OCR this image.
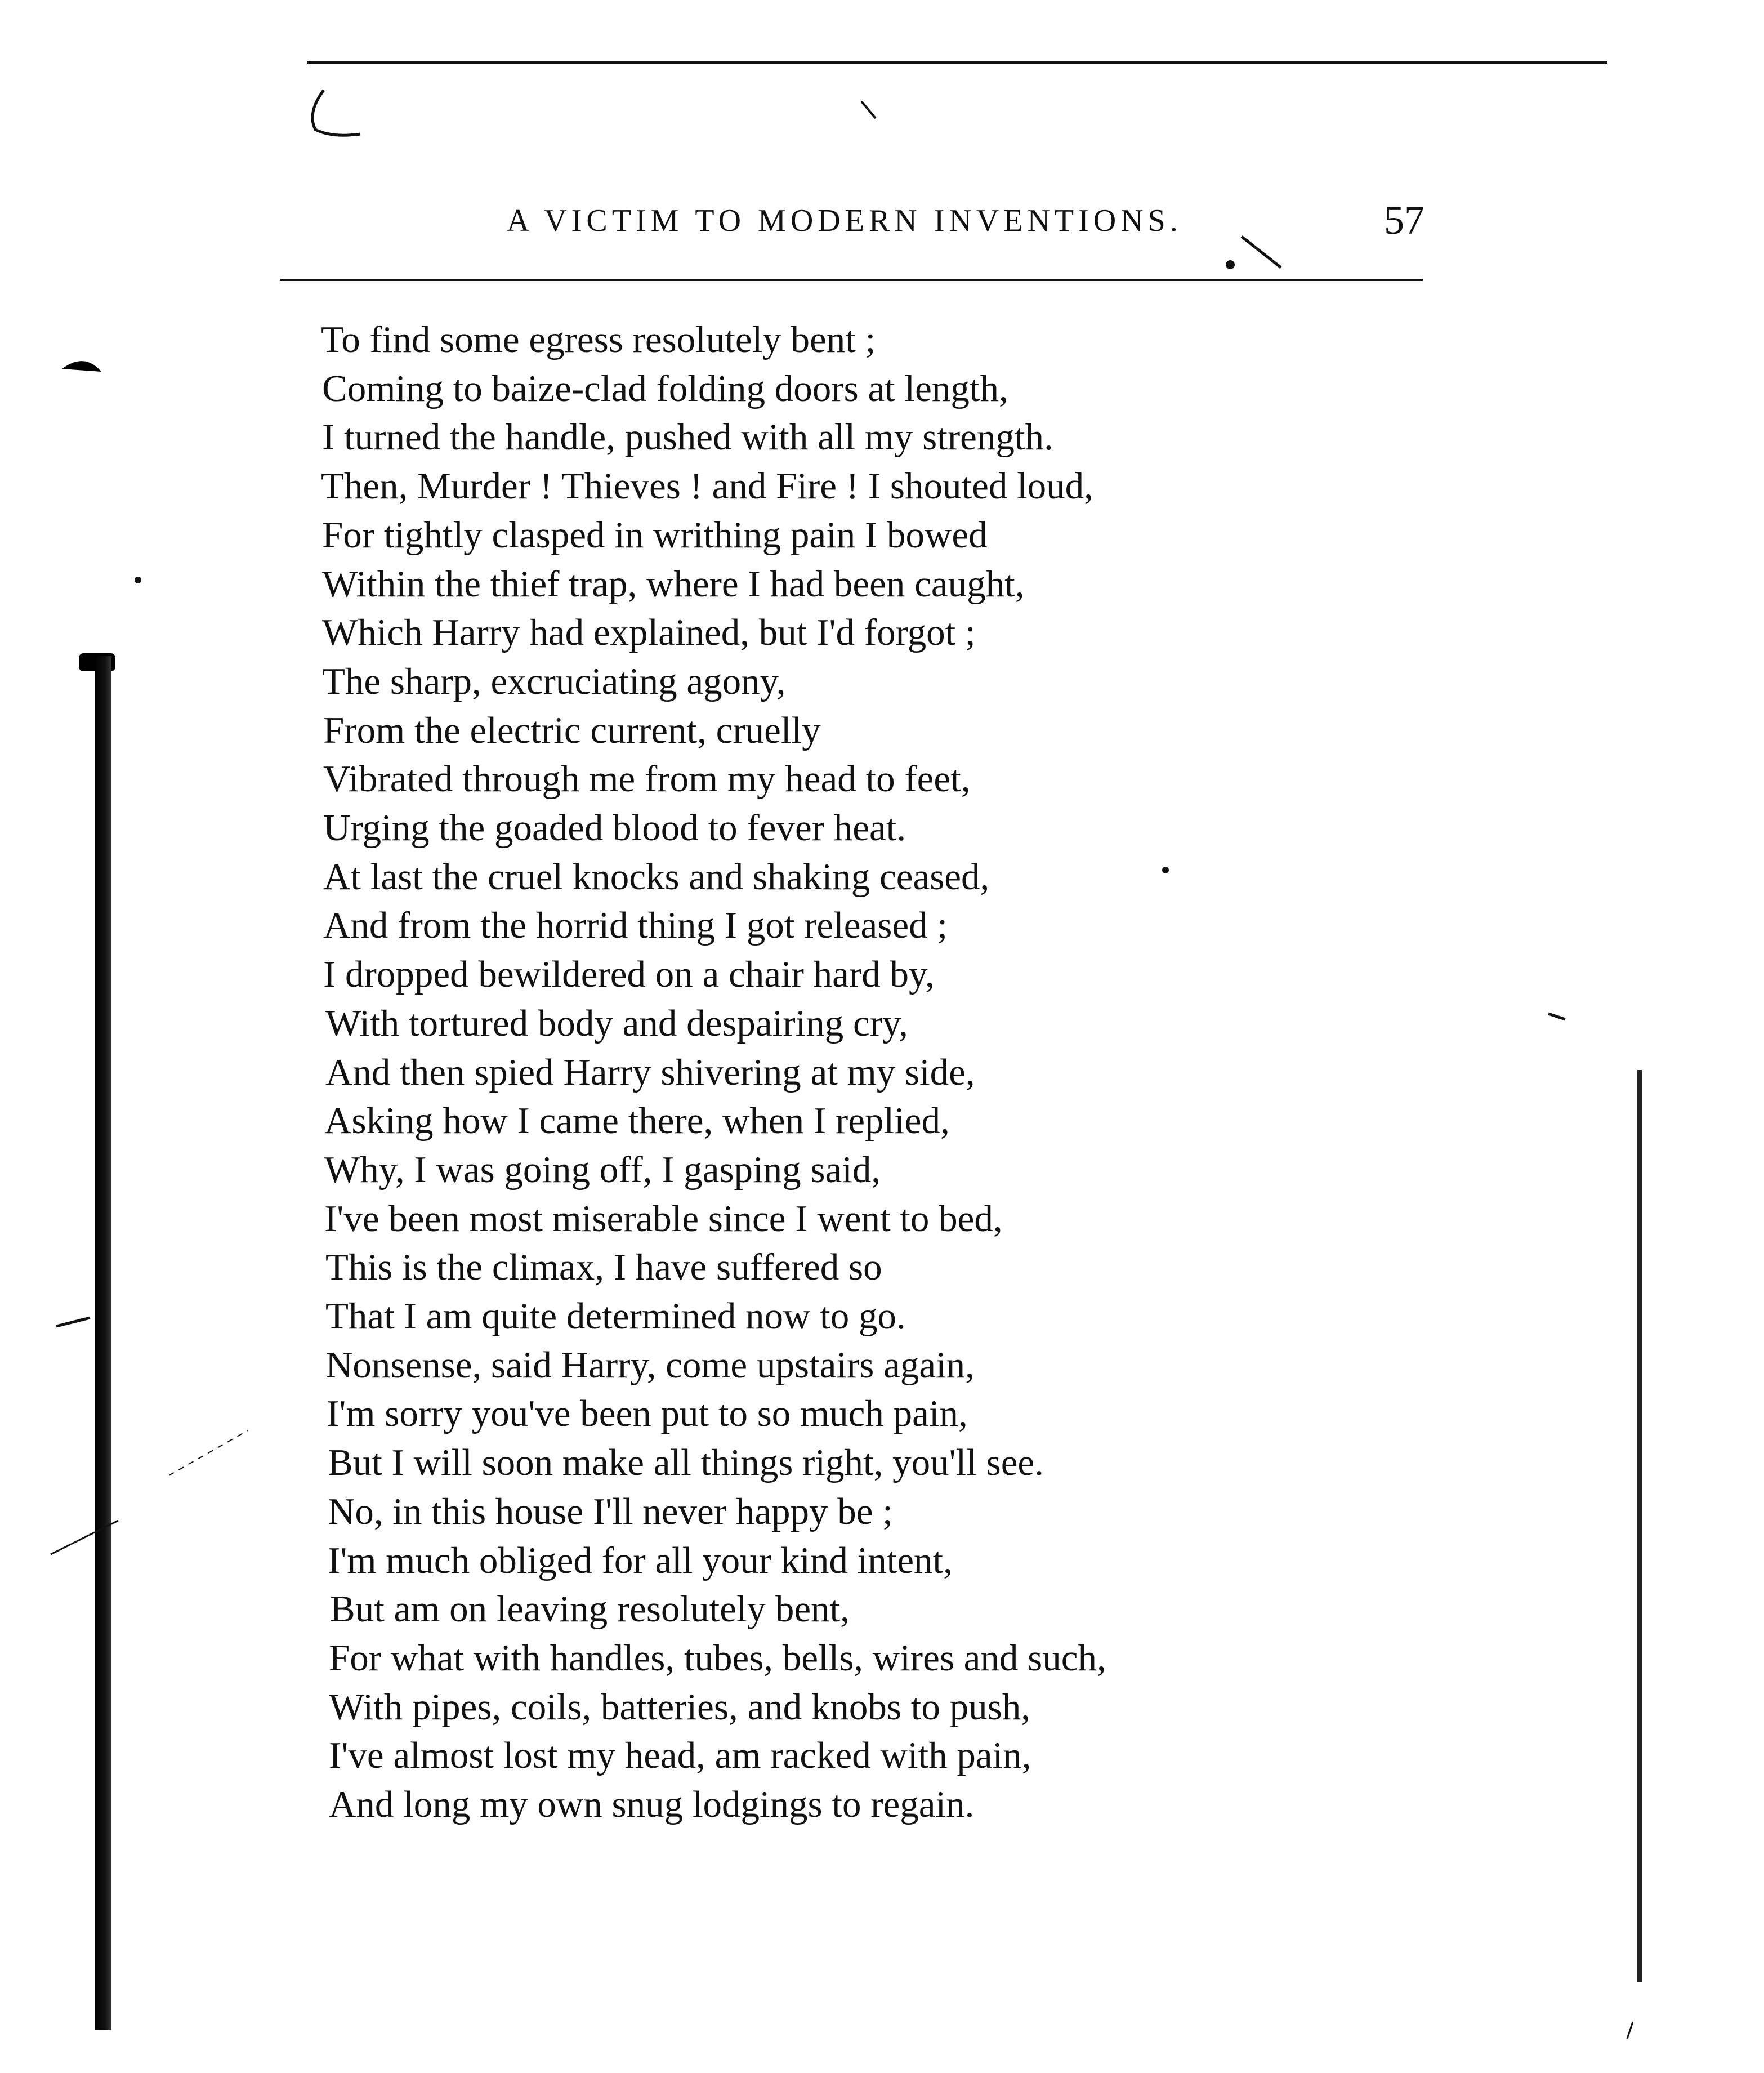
A VICTIM TO MODERN INVENTIONS.	57
To find some egress resolutely bent ;
Coming to baize-clad folding doors at length,
I turned the handle, pushed with all my strength.
Then, Murder ! Thieves ! and Fire ! I shouted loud,
For tightly clasped in writhing pain I bowed
Within the thief trap, where I had been caught,
Which Harry had explained, but I'd forgot ;
The sharp, excruciating agony,
From the electric current, cruelly
Vibrated through me from my head to feet,
Urging the goaded blood to fever heat.
At last the cruel knocks and shaking ceased,
And from the horrid thing I got released ;
I dropped bewildered on a chair hard by,
With tortured body and despairing cry,
And then spied Harry shivering at my side,
Asking how I came there, when I replied,
Why, I was going off, I gasping said,
I've been most miserable since I went to bed,
This is the climax, I have suffered so
That I am quite determined now to go.
Nonsense, said Harry, come upstairs again,
I'm sorry you've been put to so much pain,
But I will soon make all things right, you'll see.
No, in this house I'll never happy be ;
I'm much obliged for all your kind intent,
But am on leaving resolutely bent,
For what with handles, tubes, bells, wires and such,
With pipes, coils, batteries, and knobs to push,
I've almost lost my head, am racked with pain,
And long my own snug lodgings to regain.
